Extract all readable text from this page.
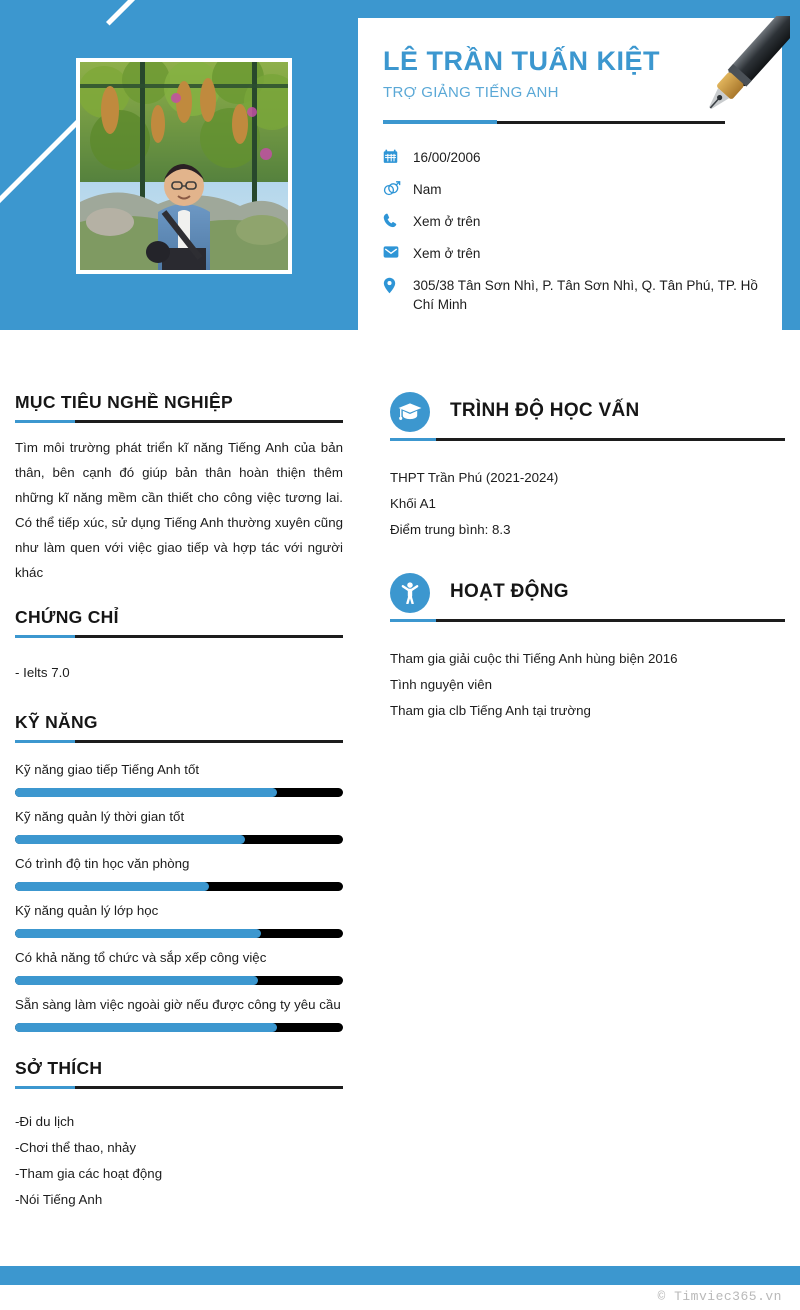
LÊ TRẦN TUẤN KIỆT
TRỢ GIẢNG TIẾNG ANH
16/00/2006
Nam
Xem ở trên
Xem ở trên
305/38 Tân Sơn Nhì, P. Tân Sơn Nhì, Q. Tân Phú, TP. Hồ Chí Minh
MỤC TIÊU NGHỀ NGHIỆP

Tìm môi trường phát triển kĩ năng Tiếng Anh của bản thân, bên cạnh đó giúp bản thân hoàn thiện thêm những kĩ năng mềm cần thiết cho công việc tương lai. Có thể tiếp xúc, sử dụng Tiếng Anh thường xuyên cũng như làm quen với việc giao tiếp và hợp tác với người khác

CHỨNG CHỈ
- Ielts 7.0
KỸ NĂNG
Kỹ năng giao tiếp Tiếng Anh tốt
Kỹ năng quản lý thời gian tốt
Có trình độ tin học văn phòng
Kỹ năng quản lý lớp học
Có khả năng tổ chức và sắp xếp công việc
Sẵn sàng làm việc ngoài giờ nếu được công ty yêu cầu
SỞ THÍCH
-Đi du lịch
-Chơi thể thao, nhảy
-Tham gia các hoạt động
-Nói Tiếng Anh
TRÌNH ĐỘ HỌC VẤN
THPT Trần Phú (2021-2024)
Khối A1
Điểm trung bình: 8.3
HOẠT ĐỘNG
Tham gia giải cuộc thi Tiếng Anh hùng biện 2016
Tình nguyện viên
Tham gia clb Tiếng Anh tại trường
© Timviec365.vn
